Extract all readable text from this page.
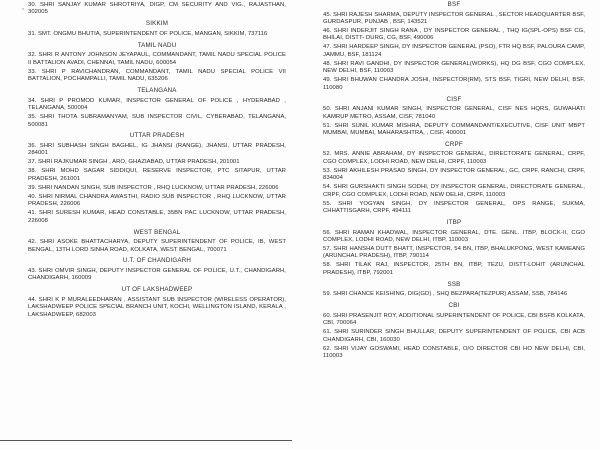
, 30. SHRI SANJAY KUMAR SHROTRIYA, DIGP, CM SECURITY AND VIG., RAJASTHAN, 302005
SIKKIM
31. SMT. ONGMU BHUTIA, SUPERINTENDENT OF POLICE, MANGAN, SIKKIM, 737116
TAMIL NADU
32. SHRI R ANTONY JOHNSON JEYAPAUL, COMMANDANT, TAMIL NADU SPECIAL POLICE II BATTALION AVADI, CHENNAI, TAMIL NADU, 600054
33. SHRI P RAVICHANDRAN, COMMANDANT, TAMIL NADU SPECIAL POLICE VII BATTALION, POCHAMPALLI, TAMIL NADU, 635206
TELANGANA
34. SHRI P PROMOD KUMAR, INSPECTOR GENERAL OF POLICE , HYDERABAD , TELANGANA, 500004
35. SHRI THOTA SUBRAMANYAM, SUB INSPECTOR CIVIL, CYBERABAD, TELANGANA, 500081
UTTAR PRADESH
36. SHRI SUBHASH SINGH BAGHEL, IG JHANSI (RANGE), JHANSI, UTTAR PRADESH, 284001
37. SHRI RAJKUMAR SINGH , ARO, GHAZIABAD, UTTAR PRADESH, 201001
38. SHRI MOHD SAGAR SIDDIQUI, RESERVE INSPECTOR, PTC SITAPUR, UTTAR PRADESH, 261001
39. SHRI NANDAN SINGH, SUB INSPECTOR , RHQ LUCKNOW, UTTAR PRADESH, 226006
40. SHRI NIRMAL CHANDRA AWASTHI, RADIO SUB INSPECTOR , RHQ LUCKNOW, UTTAR PRADESH, 226006
41. SHRI SURESH KUMAR, HEAD CONSTABLE, 35BN PAC LUCKNOW, UTTAR PRADESH, 226008
WEST BENGAL
42. SHRI ASOKE BHATTACHARYA, DEPUTY SUPERINTENDENT OF POLICE, IB, WEST BENGAL, 13TH LORD SINHA ROAD, KOLKATA, WEST BENGAL, 700071
U.T. OF CHANDIGARH
43. SHRI OMVIR SINGH, DEPUTY INSPECTOR GENERAL OF POLICE, U.T., CHANDIGARH, CHANDIGARH, 160009
UT OF LAKSHADWEEP
44. SHRI K P MURALEEDHARAN , ASSISTANT SUB INSPECTOR (WIRELESS OPERATOR), LAKSHADWEEP POLICE SPECIAL BRANCH UNIT, KOCHI, WELLINGTON ISLAND, KERALA , LAKSHADWEEP, 682003
BSF
45. SHRI RAJESH SHARMA, DEPUTY INSPECTOR GENERAL , SECTOR HEADQUARTER BSF, GURDASPUR, PUNJAB , BSF, 143521
46. SHRI INDERJIT SINGH RANA , DY INSPECTOR GENERAL , THQ IG(SPL-OPS) BSF CG, BHILAI, DISTT- DURG, CG, BSF, 490006
47. SHRI HARDEEP SINGH, DY INSPECTOR GENERAL (PSO), FTR HQ BSF, PALOURA CAMP, JAMMU, BSF, 181124
48. SHRI RAVI GANDHI, DY INSPECTOR GENERAL(WORKS), HQ DG BSF, CGO COMPLEX, NEW DELHI, BSF, 110003
49. SHRI BHUWAN CHANDRA JOSHI, INSPECTOR(RM), STS BSF, TIGRI, NEW DELHI, BSF, 110080
CISF
50. SHRI ANJANI KUMAR SINGH, INSPECTOR GENERAL, CISF NES HQRS, GUWAHATI KAMRUP METRO, ASSAM, CISF, 781040
51. SHRI SUNIL KUMAR MISHRA, DEPUTY COMMANDANT/EXECUTIVE, CISF UNIT MBPT MUMBAI, MUMBAI, MAHARASHTRA, , CISF, 400001
CRPF
52. MRS. ANNIE ABRAHAM, DY INSPECTOR GENERAL, DIRECTORATE GENERAL, CRPF, CGO COMPLEX, LODHI ROAD, NEW DELHI, CRPF, 110003
53. SHRI AKHILESH PRASAD SINGH, DY INSPECTOR GENERAL, GC, CRPF, RANCHI, CRPF, 834004
54. SHRI GURSHAKTI SINGH SODHI, DY INSPECTOR GENERAL, DIRECTORATE GENERAL, CRPF, CGO COMPLEX, LODHI ROAD, NEW DELHI, CRPF, 110003
55. SHRI YOGYAN SINGH, DY INSPECTOR GENERAL, OPS RANGE, SUKMA, CHHATTISGARH, CRPF, 494111
ITBP
56. SHRI RAMAN KHADWAL, INSPECTOR GENERAL, DTE. GENL. ITBP, BLOCK-II, CGO COMPLEX, LODHI ROAD, NEW DELHI, ITBP, 110003
57. SHRI HANSHA DUTT BHATT, INSPECTOR, 54 BN, ITBP, BHALUKPONG, WEST KAMEANG (ARUNCHAL PRADESH), ITBP, 790114
58. SHRI TILAK RAJ, INSPECTOR, 25TH BN, ITBP, TEZU, DISTT-LOHIT (ARUNCHAL PRADESH), ITBP, 792001
SSB
59. SHRI CHANCE KEISHING, DIG(GD) , SHQ BEZPARA(TEZPUR) ASSAM, SSB, 784146
CBI
60. SHRI PRASENJIT ROY, ADDITIONAL SUPERINTENDENT OF POLICE, CBI BSFB KOLKATA, CBI, 700064
61. SHRI SURINDER SINGH BHULLAR, DEPUTY SUPERINTENDENT OF POLICE, CBI ACB CHANDIGARH, CBI, 160030
62. SHRI VIJAY GOSWAMI, HEAD CONSTABLE, O/O DIRECTOR CBI HO NEW DELHI, CBI, 110003
